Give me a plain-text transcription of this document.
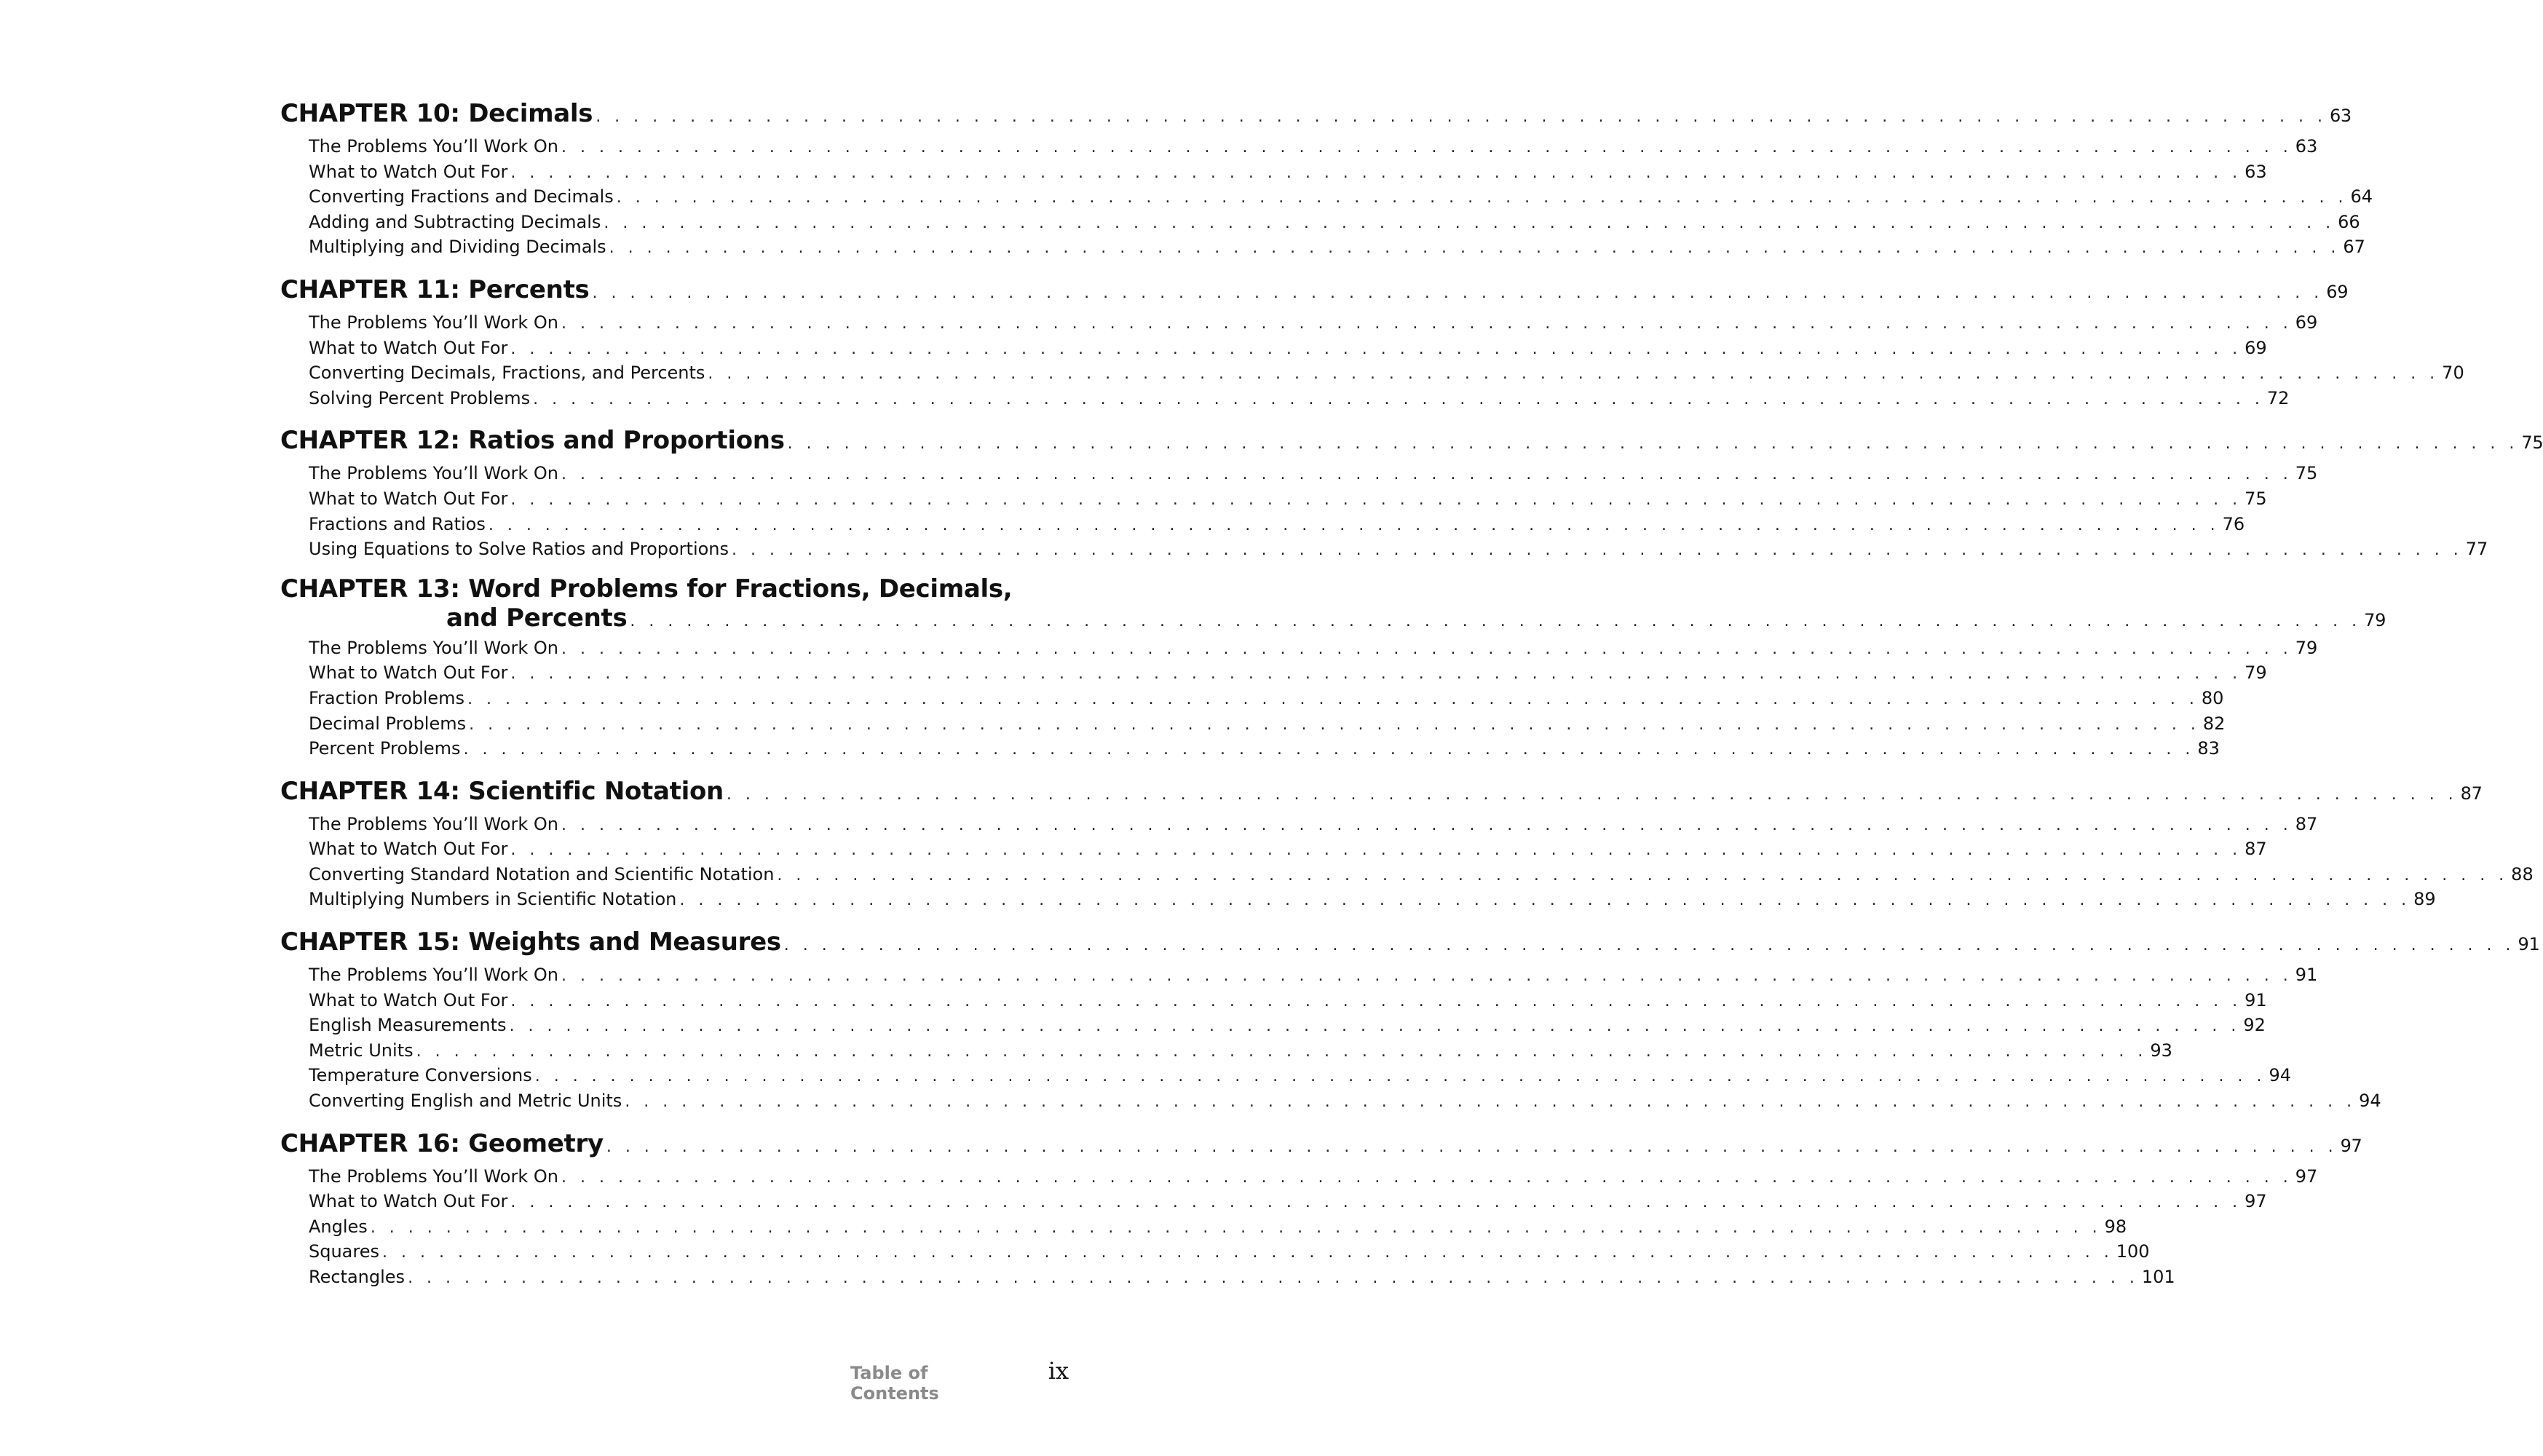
CHAPTER 10: Decimals . . . . . . . . . . . . . . . . . . . . . . . . . . . . . . . . . . . . . . . . . . . . . . . . . . . . . . . . . . . . . . . . . . . . . . . . . . . . . . . . . . . . . . . . . . . . 63
The Problems You’ll Work On . . . . . . . . . . . . . . . . . . . . . . . . . . . . . . . . . . . . . . . . . . . . . . . . . . . . . . . . . . . . . . . . . . . . . . . . . . . . . . . . . . . . . . . . . . . . 63
What to Watch Out For . . . . . . . . . . . . . . . . . . . . . . . . . . . . . . . . . . . . . . . . . . . . . . . . . . . . . . . . . . . . . . . . . . . . . . . . . . . . . . . . . . . . . . . . . . . . 63
Converting Fractions and Decimals . . . . . . . . . . . . . . . . . . . . . . . . . . . . . . . . . . . . . . . . . . . . . . . . . . . . . . . . . . . . . . . . . . . . . . . . . . . . . . . . . . . . . . . . . . . . 64
Adding and Subtracting Decimals . . . . . . . . . . . . . . . . . . . . . . . . . . . . . . . . . . . . . . . . . . . . . . . . . . . . . . . . . . . . . . . . . . . . . . . . . . . . . . . . . . . . . . . . . . . . 66
Multiplying and Dividing Decimals . . . . . . . . . . . . . . . . . . . . . . . . . . . . . . . . . . . . . . . . . . . . . . . . . . . . . . . . . . . . . . . . . . . . . . . . . . . . . . . . . . . . . . . . . . . . 67
CHAPTER 11: Percents . . . . . . . . . . . . . . . . . . . . . . . . . . . . . . . . . . . . . . . . . . . . . . . . . . . . . . . . . . . . . . . . . . . . . . . . . . . . . . . . . . . . . . . . . . . . 69
The Problems You’ll Work On . . . . . . . . . . . . . . . . . . . . . . . . . . . . . . . . . . . . . . . . . . . . . . . . . . . . . . . . . . . . . . . . . . . . . . . . . . . . . . . . . . . . . . . . . . . . 69
What to Watch Out For . . . . . . . . . . . . . . . . . . . . . . . . . . . . . . . . . . . . . . . . . . . . . . . . . . . . . . . . . . . . . . . . . . . . . . . . . . . . . . . . . . . . . . . . . . . . 69
Converting Decimals, Fractions, and Percents . . . . . . . . . . . . . . . . . . . . . . . . . . . . . . . . . . . . . . . . . . . . . . . . . . . . . . . . . . . . . . . . . . . . . . . . . . . . . . . . . . . . . . . . . . . . 70
Solving Percent Problems . . . . . . . . . . . . . . . . . . . . . . . . . . . . . . . . . . . . . . . . . . . . . . . . . . . . . . . . . . . . . . . . . . . . . . . . . . . . . . . . . . . . . . . . . . . . 72
CHAPTER 12: Ratios and Proportions . . . . . . . . . . . . . . . . . . . . . . . . . . . . . . . . . . . . . . . . . . . . . . . . . . . . . . . . . . . . . . . . . . . . . . . . . . . . . . . . . . . . . . . . . . . . 75
The Problems You’ll Work On . . . . . . . . . . . . . . . . . . . . . . . . . . . . . . . . . . . . . . . . . . . . . . . . . . . . . . . . . . . . . . . . . . . . . . . . . . . . . . . . . . . . . . . . . . . . 75
What to Watch Out For . . . . . . . . . . . . . . . . . . . . . . . . . . . . . . . . . . . . . . . . . . . . . . . . . . . . . . . . . . . . . . . . . . . . . . . . . . . . . . . . . . . . . . . . . . . . 75
Fractions and Ratios . . . . . . . . . . . . . . . . . . . . . . . . . . . . . . . . . . . . . . . . . . . . . . . . . . . . . . . . . . . . . . . . . . . . . . . . . . . . . . . . . . . . . . . . . . . . 76
Using Equations to Solve Ratios and Proportions . . . . . . . . . . . . . . . . . . . . . . . . . . . . . . . . . . . . . . . . . . . . . . . . . . . . . . . . . . . . . . . . . . . . . . . . . . . . . . . . . . . . . . . . . . . . 77
CHAPTER 13: Word Problems for Fractions, Decimals,
and Percents . . . . . . . . . . . . . . . . . . . . . . . . . . . . . . . . . . . . . . . . . . . . . . . . . . . . . . . . . . . . . . . . . . . . . . . . . . . . . . . . . . . . . . . . . . . . 79
The Problems You’ll Work On . . . . . . . . . . . . . . . . . . . . . . . . . . . . . . . . . . . . . . . . . . . . . . . . . . . . . . . . . . . . . . . . . . . . . . . . . . . . . . . . . . . . . . . . . . . . 79
What to Watch Out For . . . . . . . . . . . . . . . . . . . . . . . . . . . . . . . . . . . . . . . . . . . . . . . . . . . . . . . . . . . . . . . . . . . . . . . . . . . . . . . . . . . . . . . . . . . . 79
Fraction Problems . . . . . . . . . . . . . . . . . . . . . . . . . . . . . . . . . . . . . . . . . . . . . . . . . . . . . . . . . . . . . . . . . . . . . . . . . . . . . . . . . . . . . . . . . . . . 80
Decimal Problems . . . . . . . . . . . . . . . . . . . . . . . . . . . . . . . . . . . . . . . . . . . . . . . . . . . . . . . . . . . . . . . . . . . . . . . . . . . . . . . . . . . . . . . . . . . . 82
Percent Problems . . . . . . . . . . . . . . . . . . . . . . . . . . . . . . . . . . . . . . . . . . . . . . . . . . . . . . . . . . . . . . . . . . . . . . . . . . . . . . . . . . . . . . . . . . . . 83
CHAPTER 14: Scientific Notation . . . . . . . . . . . . . . . . . . . . . . . . . . . . . . . . . . . . . . . . . . . . . . . . . . . . . . . . . . . . . . . . . . . . . . . . . . . . . . . . . . . . . . . . . . . . 87
The Problems You’ll Work On . . . . . . . . . . . . . . . . . . . . . . . . . . . . . . . . . . . . . . . . . . . . . . . . . . . . . . . . . . . . . . . . . . . . . . . . . . . . . . . . . . . . . . . . . . . . 87
What to Watch Out For . . . . . . . . . . . . . . . . . . . . . . . . . . . . . . . . . . . . . . . . . . . . . . . . . . . . . . . . . . . . . . . . . . . . . . . . . . . . . . . . . . . . . . . . . . . . 87
Converting Standard Notation and Scientific Notation . . . . . . . . . . . . . . . . . . . . . . . . . . . . . . . . . . . . . . . . . . . . . . . . . . . . . . . . . . . . . . . . . . . . . . . . . . . . . . . . . . . . . . . . . . . . 88
Multiplying Numbers in Scientific Notation . . . . . . . . . . . . . . . . . . . . . . . . . . . . . . . . . . . . . . . . . . . . . . . . . . . . . . . . . . . . . . . . . . . . . . . . . . . . . . . . . . . . . . . . . . . . 89
CHAPTER 15: Weights and Measures . . . . . . . . . . . . . . . . . . . . . . . . . . . . . . . . . . . . . . . . . . . . . . . . . . . . . . . . . . . . . . . . . . . . . . . . . . . . . . . . . . . . . . . . . . . . 91
The Problems You’ll Work On . . . . . . . . . . . . . . . . . . . . . . . . . . . . . . . . . . . . . . . . . . . . . . . . . . . . . . . . . . . . . . . . . . . . . . . . . . . . . . . . . . . . . . . . . . . . 91
What to Watch Out For . . . . . . . . . . . . . . . . . . . . . . . . . . . . . . . . . . . . . . . . . . . . . . . . . . . . . . . . . . . . . . . . . . . . . . . . . . . . . . . . . . . . . . . . . . . . 91
English Measurements . . . . . . . . . . . . . . . . . . . . . . . . . . . . . . . . . . . . . . . . . . . . . . . . . . . . . . . . . . . . . . . . . . . . . . . . . . . . . . . . . . . . . . . . . . . . 92
Metric Units . . . . . . . . . . . . . . . . . . . . . . . . . . . . . . . . . . . . . . . . . . . . . . . . . . . . . . . . . . . . . . . . . . . . . . . . . . . . . . . . . . . . . . . . . . . . 93
Temperature Conversions . . . . . . . . . . . . . . . . . . . . . . . . . . . . . . . . . . . . . . . . . . . . . . . . . . . . . . . . . . . . . . . . . . . . . . . . . . . . . . . . . . . . . . . . . . . . 94
Converting English and Metric Units . . . . . . . . . . . . . . . . . . . . . . . . . . . . . . . . . . . . . . . . . . . . . . . . . . . . . . . . . . . . . . . . . . . . . . . . . . . . . . . . . . . . . . . . . . . . 94
CHAPTER 16: Geometry . . . . . . . . . . . . . . . . . . . . . . . . . . . . . . . . . . . . . . . . . . . . . . . . . . . . . . . . . . . . . . . . . . . . . . . . . . . . . . . . . . . . . . . . . . . . 97
The Problems You’ll Work On . . . . . . . . . . . . . . . . . . . . . . . . . . . . . . . . . . . . . . . . . . . . . . . . . . . . . . . . . . . . . . . . . . . . . . . . . . . . . . . . . . . . . . . . . . . . 97
What to Watch Out For . . . . . . . . . . . . . . . . . . . . . . . . . . . . . . . . . . . . . . . . . . . . . . . . . . . . . . . . . . . . . . . . . . . . . . . . . . . . . . . . . . . . . . . . . . . . 97
Angles . . . . . . . . . . . . . . . . . . . . . . . . . . . . . . . . . . . . . . . . . . . . . . . . . . . . . . . . . . . . . . . . . . . . . . . . . . . . . . . . . . . . . . . . . . . . 98
Squares . . . . . . . . . . . . . . . . . . . . . . . . . . . . . . . . . . . . . . . . . . . . . . . . . . . . . . . . . . . . . . . . . . . . . . . . . . . . . . . . . . . . . . . . . . . . 100
Rectangles . . . . . . . . . . . . . . . . . . . . . . . . . . . . . . . . . . . . . . . . . . . . . . . . . . . . . . . . . . . . . . . . . . . . . . . . . . . . . . . . . . . . . . . . . . . . 101
Table of Contents
ix
